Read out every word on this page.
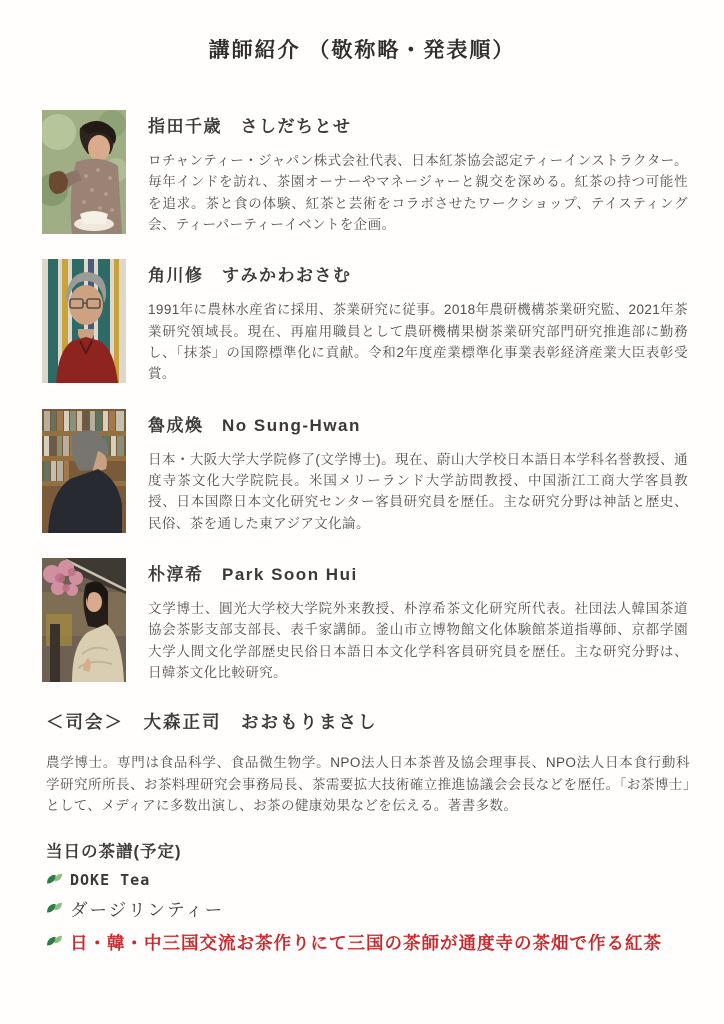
講師紹介 （敬称略・発表順）
指田千歳　さしだちとせ

ロチャンティー・ジャパン株式会社代表、日本紅茶協会認定ティーインストラクター。毎年インドを訪れ、茶園オーナーやマネージャーと親交を深める。紅茶の持つ可能性を追求。茶と食の体験、紅茶と芸術をコラボさせたワークショップ、テイスティング会、ティーパーティーイベントを企画。

角川修　すみかわおさむ

1991年に農林水産省に採用、茶業研究に従事。2018年農研機構茶業研究監、2021年茶業研究領域長。現在、再雇用職員として農研機構果樹茶業研究部門研究推進部に勤務し、「抹茶」の国際標準化に貢献。令和2年度産業標準化事業表彰経済産業大臣表彰受賞。

魯成煥　No Sung-Hwan

日本・大阪大学大学院修了(文学博士)。現在、蔚山大学校日本語日本学科名誉教授、通度寺茶文化大学院院長。米国メリーランド大学訪問教授、中国浙江工商大学客員教授、日本国際日本文化研究センター客員研究員を歴任。主な研究分野は神話と歴史、民俗、茶を通した東アジア文化論。

朴淳希　Park Soon Hui

文学博士、圓光大学校大学院外来教授、朴淳希茶文化研究所代表。社団法人韓国茶道協会茶影支部支部長、表千家講師。釜山市立博物館文化体験館茶道指導師、京都学園大学人間文化学部歴史民俗日本語日本文化学科客員研究員を歴任。主な研究分野は、日韓茶文化比較研究。

＜司会＞　大森正司　おおもりまさし

農学博士。専門は食品科学、食品微生物学。NPO法人日本茶普及協会理事長、NPO法人日本食行動科学研究所所長、お茶料理研究会事務局長、茶需要拡大技術確立推進協議会会長などを歴任。「お茶博士」として、メディアに多数出演し、お茶の健康効果などを伝える。著書多数。

当日の茶譜(予定)
DOKE Tea
ダージリンティー
日・韓・中三国交流お茶作りにて三国の茶師が通度寺の茶畑で作る紅茶
